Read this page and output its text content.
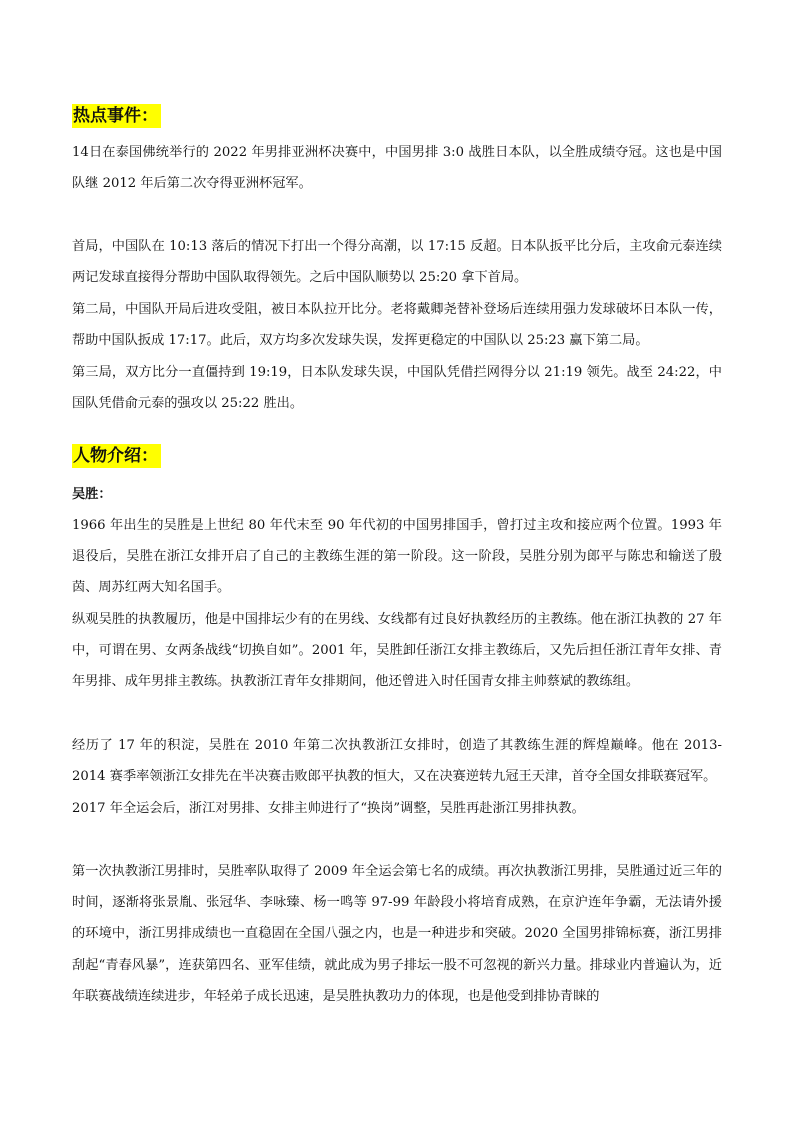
热点事件：

14日在泰国佛统举行的 2022 年男排亚洲杯决赛中，中国男排 3:0 战胜日本队，以全胜成绩夺冠。这也是中国队继 2012 年后第二次夺得亚洲杯冠军。

首局，中国队在 10:13 落后的情况下打出一个得分高潮，以 17:15 反超。日本队扳平比分后，主攻俞元泰连续两记发球直接得分帮助中国队取得领先。之后中国队顺势以 25:20 拿下首局。

第二局，中国队开局后进攻受阻，被日本队拉开比分。老将戴卿尧替补登场后连续用强力发球破坏日本队一传，帮助中国队扳成 17:17。此后，双方均多次发球失误，发挥更稳定的中国队以 25:23 赢下第二局。

第三局，双方比分一直僵持到 19:19，日本队发球失误，中国队凭借拦网得分以 21:19 领先。战至 24:22，中国队凭借俞元泰的强攻以 25:22 胜出。

人物介绍：

吴胜：

1966 年出生的吴胜是上世纪 80 年代末至 90 年代初的中国男排国手，曾打过主攻和接应两个位置。1993 年退役后，吴胜在浙江女排开启了自己的主教练生涯的第一阶段。这一阶段，吴胜分别为郎平与陈忠和输送了殷茵、周苏红两大知名国手。

纵观吴胜的执教履历，他是中国排坛少有的在男线、女线都有过良好执教经历的主教练。他在浙江执教的 27 年中，可谓在男、女两条战线“切换自如”。2001 年，吴胜卸任浙江女排主教练后，又先后担任浙江青年女排、青年男排、成年男排主教练。执教浙江青年女排期间，他还曾进入时任国青女排主帅蔡斌的教练组。

经历了 17 年的积淀，吴胜在 2010 年第二次执教浙江女排时，创造了其教练生涯的辉煌巅峰。他在 2013-2014 赛季率领浙江女排先在半决赛击败郎平执教的恒大，又在决赛逆转九冠王天津，首夺全国女排联赛冠军。

2017 年全运会后，浙江对男排、女排主帅进行了“换岗”调整，吴胜再赴浙江男排执教。

第一次执教浙江男排时，吴胜率队取得了 2009 年全运会第七名的成绩。再次执教浙江男排，吴胜通过近三年的时间，逐渐将张景胤、张冠华、李咏臻、杨一鸣等 97-99 年龄段小将培育成熟，在京沪连年争霸，无法请外援的环境中，浙江男排成绩也一直稳固在全国八强之内，也是一种进步和突破。2020 全国男排锦标赛，浙江男排刮起“青春风暴”，连获第四名、亚军佳绩，就此成为男子排坛一股不可忽视的新兴力量。排球业内普遍认为，近年联赛战绩连续进步，年轻弟子成长迅速，是吴胜执教功力的体现，也是他受到排协青睐的
